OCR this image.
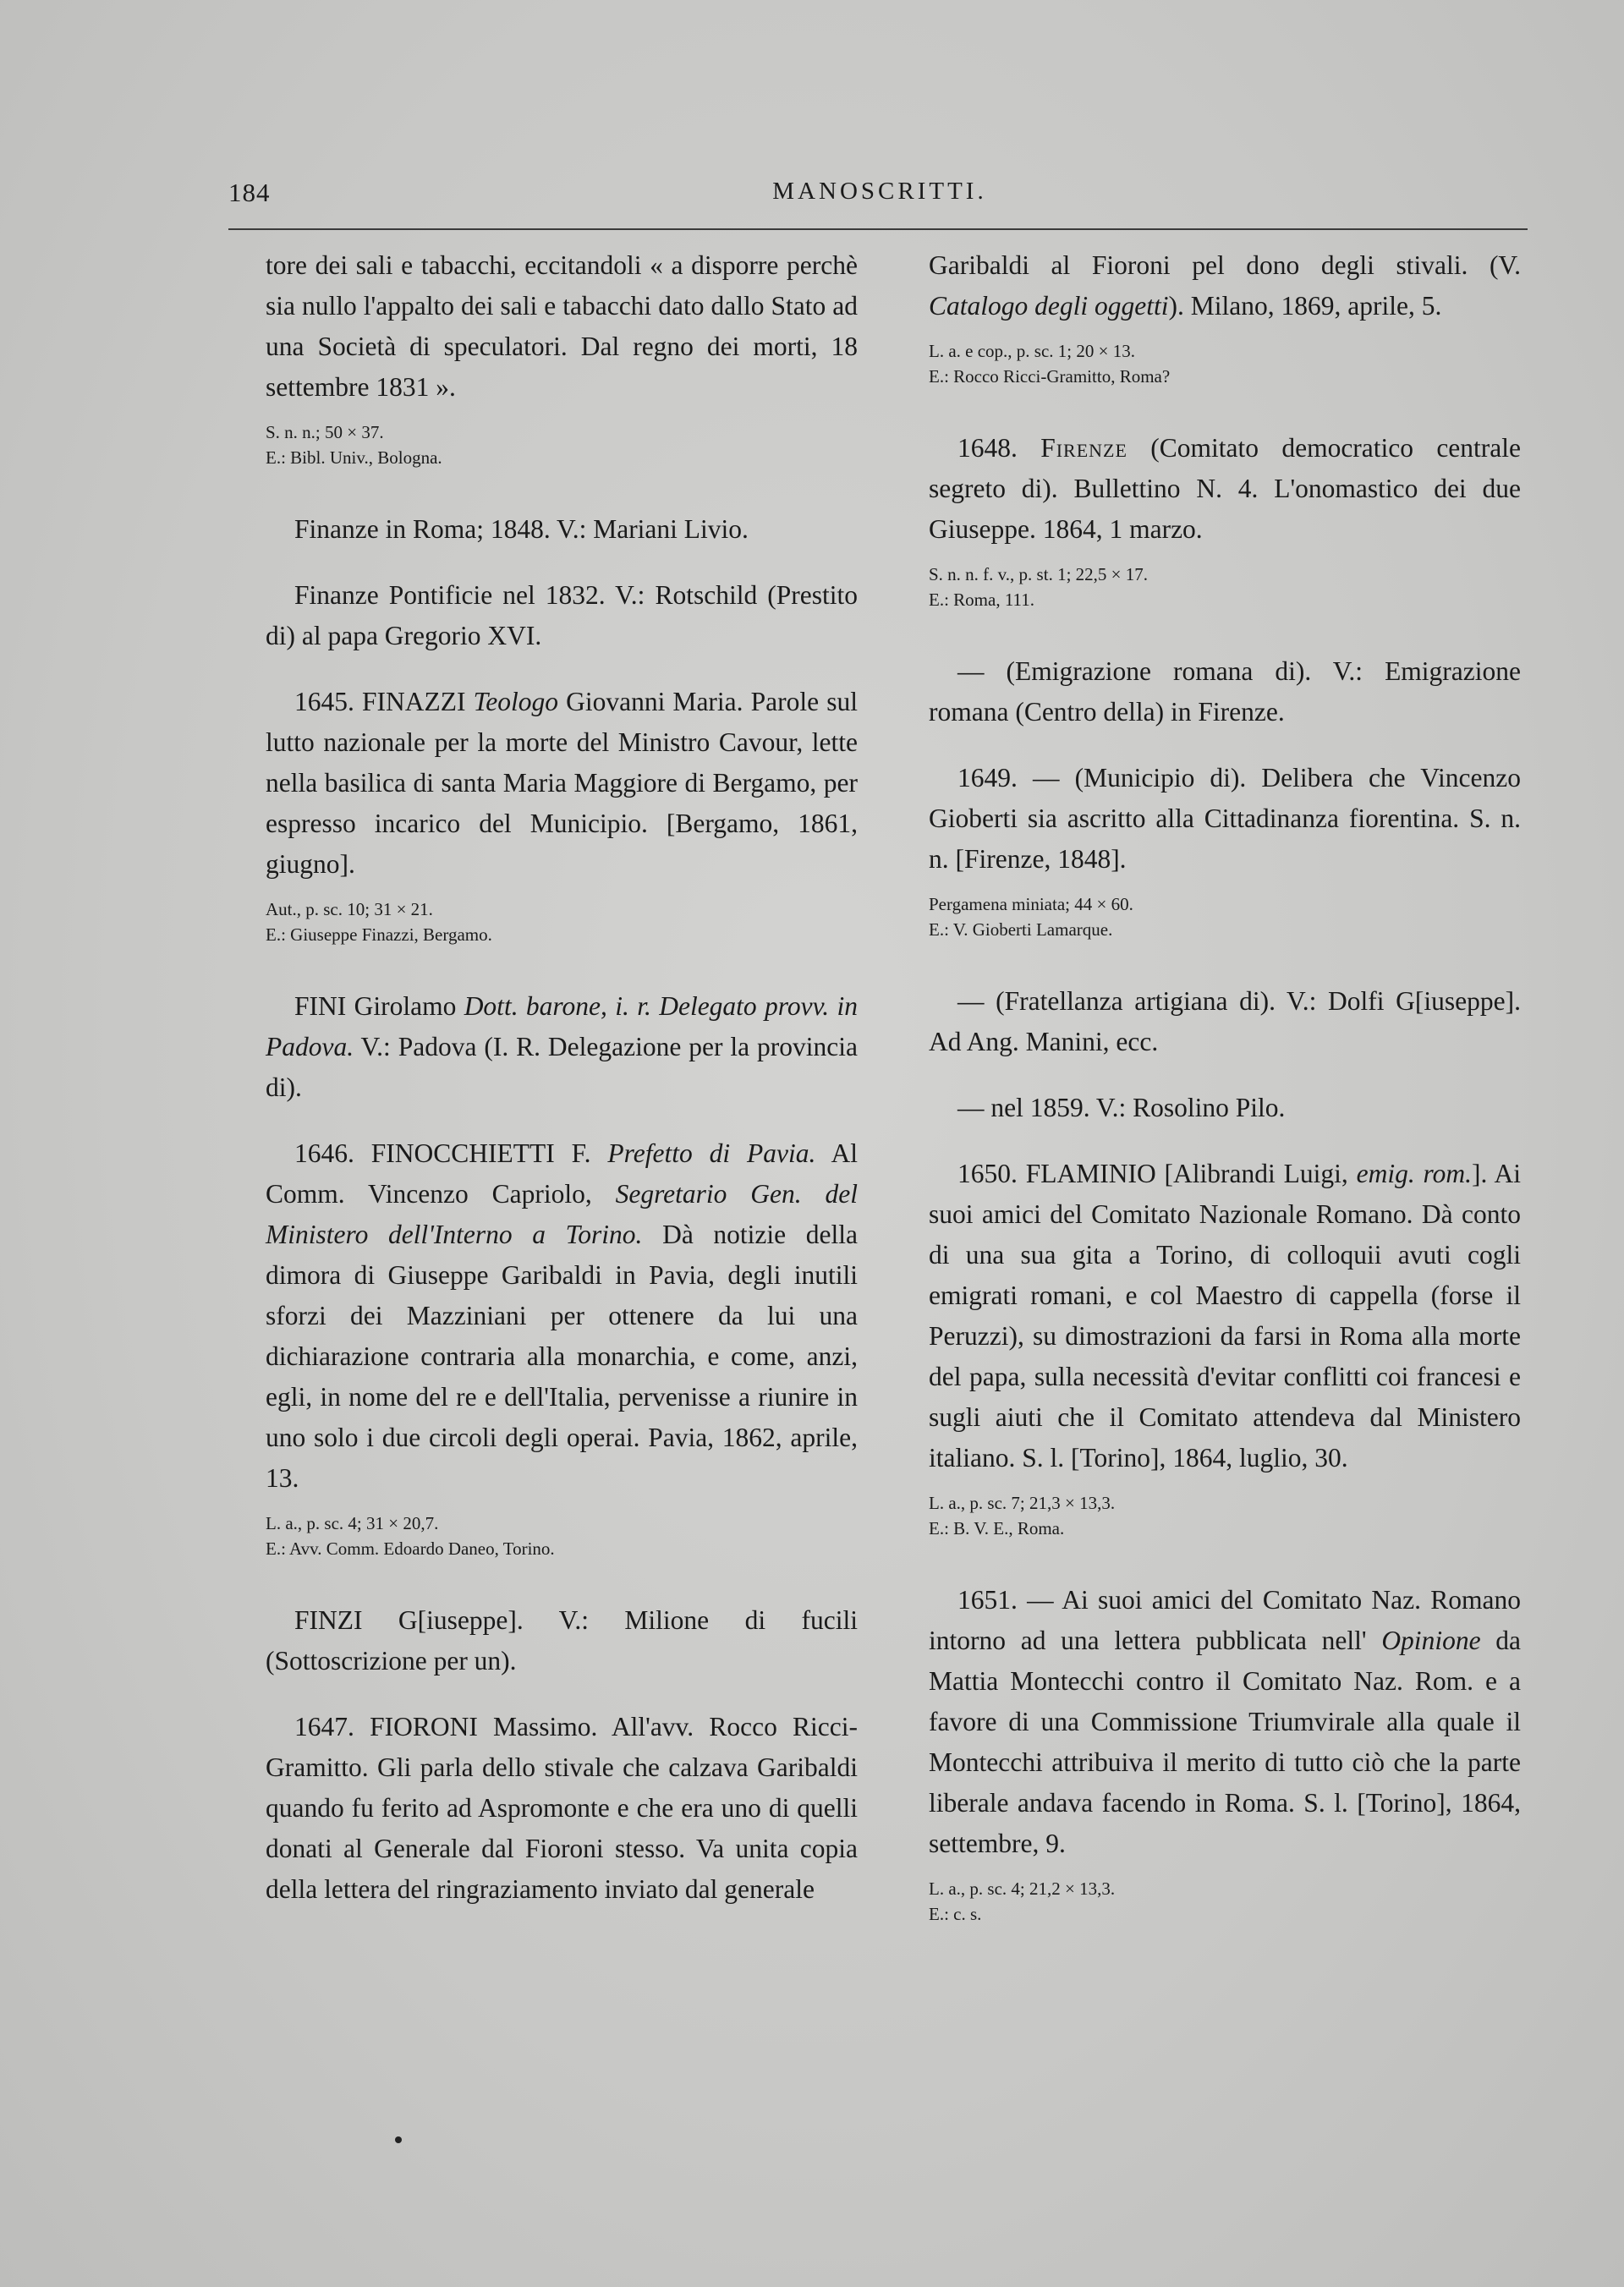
184	MANOSCRITTI.

tore dei sali e tabacchi, eccitandoli « a disporre perchè sia nullo l'appalto dei sali e tabacchi dato dallo Stato ad una Società di speculatori. Dal regno dei morti, 18 settembre 1831 ».

S. n. n.; 50 × 37.

E.: Bibl. Univ., Bologna.

Finanze in Roma; 1848. V.: Mariani Livio.

Finanze Pontificie nel 1832. V.: Rotschild (Prestito di) al papa Gregorio XVI.

1645. FINAZZI Teologo Giovanni Maria. Parole sul lutto nazionale per la morte del Ministro Cavour, lette nella basilica di santa Maria Maggiore di Bergamo, per espresso incarico del Municipio. [Bergamo, 1861, giugno].

Aut., p. sc. 10; 31 × 21.

E.: Giuseppe Finazzi, Bergamo.

FINI Girolamo Dott. barone, i. r. Delegato provv. in Padova. V.: Padova (I. R. Delegazione per la provincia di).

1646. FINOCCHIETTI F. Prefetto di Pavia. Al Comm. Vincenzo Capriolo, Segretario Gen. del Ministero dell'Interno a Torino. Dà notizie della dimora di Giuseppe Garibaldi in Pavia, degli inutili sforzi dei Mazziniani per ottenere da lui una dichiarazione contraria alla monarchia, e come, anzi, egli, in nome del re e dell'Italia, pervenisse a riunire in uno solo i due circoli degli operai. Pavia, 1862, aprile, 13.

L. a., p. sc. 4; 31 × 20,7.

E.: Avv. Comm. Edoardo Daneo, Torino.

FINZI G[iuseppe]. V.: Milione di fucili (Sottoscrizione per un).

1647. FIORONI Massimo. All'avv. Rocco Ricci-Gramitto. Gli parla dello stivale che calzava Garibaldi quando fu ferito ad Aspromonte e che era uno di quelli donati al Generale dal Fioroni stesso. Va unita copia della lettera del ringraziamento inviato dal generale

Garibaldi al Fioroni pel dono degli stivali. (V. Catalogo degli oggetti). Milano, 1869, aprile, 5.

L. a. e cop., p. sc. 1; 20 × 13.

E.: Rocco Ricci-Gramitto, Roma?

1648. Firenze (Comitato democratico centrale segreto di). Bullettino N. 4. L'onomastico dei due Giuseppe. 1864, 1 marzo.

S. n. n. f. v., p. st. 1; 22,5 × 17.

E.: Roma, 111.

— (Emigrazione romana di). V.: Emigrazione romana (Centro della) in Firenze.

1649. — (Municipio di). Delibera che Vincenzo Gioberti sia ascritto alla Cittadinanza fiorentina. S. n. n. [Firenze, 1848].

Pergamena miniata; 44 × 60.

E.: V. Gioberti Lamarque.

— (Fratellanza artigiana di). V.: Dolfi G[iuseppe]. Ad Ang. Manini, ecc.

— nel 1859. V.: Rosolino Pilo.

1650. FLAMINIO [Alibrandi Luigi, emig. rom.]. Ai suoi amici del Comitato Nazionale Romano. Dà conto di una sua gita a Torino, di colloquii avuti cogli emigrati romani, e col Maestro di cappella (forse il Peruzzi), su dimostrazioni da farsi in Roma alla morte del papa, sulla necessità d'evitar conflitti coi francesi e sugli aiuti che il Comitato attendeva dal Ministero italiano. S. l. [Torino], 1864, luglio, 30.

L. a., p. sc. 7; 21,3 × 13,3.

E.: B. V. E., Roma.

1651. — Ai suoi amici del Comitato Naz. Romano intorno ad una lettera pubblicata nell' Opinione da Mattia Montecchi contro il Comitato Naz. Rom. e a favore di una Commissione Triumvirale alla quale il Montecchi attribuiva il merito di tutto ciò che la parte liberale andava facendo in Roma. S. l. [Torino], 1864, settembre, 9.

L. a., p. sc. 4; 21,2 × 13,3.

E.: c. s.
